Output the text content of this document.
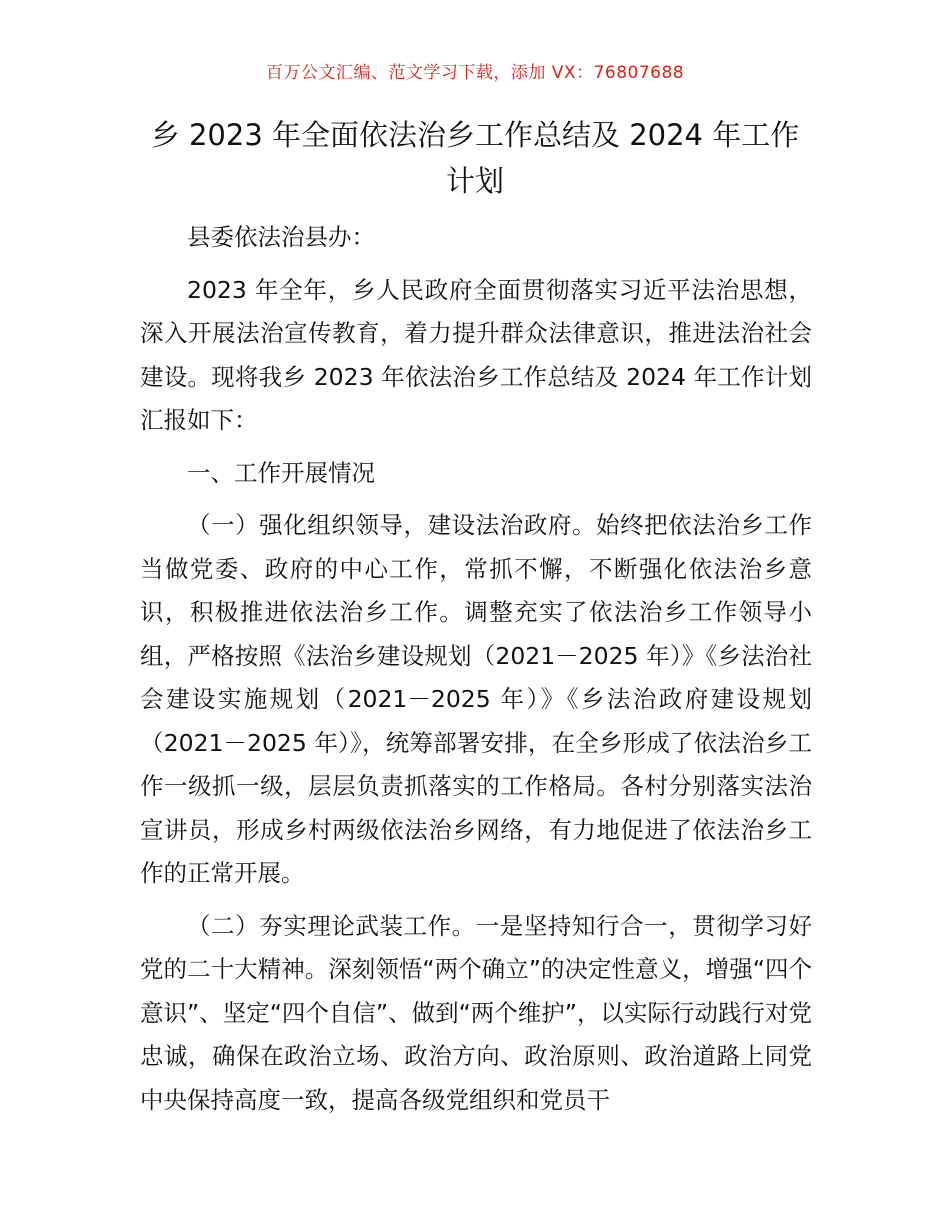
百万公文汇编、范文学习下载，添加 VX：76807688
乡 2023 年全面依法治乡工作总结及 2024 年工作计划

县委依法治县办：

2023 年全年，乡人民政府全面贯彻落实习近平法治思想，深入开展法治宣传教育，着力提升群众法律意识，推进法治社会建设。现将我乡 2023 年依法治乡工作总结及 2024 年工作计划汇报如下：

一、工作开展情况

（一）强化组织领导，建设法治政府。始终把依法治乡工作当做党委、政府的中心工作，常抓不懈，不断强化依法治乡意识，积极推进依法治乡工作。调整充实了依法治乡工作领导小组，严格按照《法治乡建设规划（2021－2025 年）》《乡法治社会建设实施规划（2021－2025 年）》《乡法治政府建设规划（2021－2025 年）》，统筹部署安排，在全乡形成了依法治乡工作一级抓一级，层层负责抓落实的工作格局。各村分别落实法治宣讲员，形成乡村两级依法治乡网络，有力地促进了依法治乡工作的正常开展。

（二）夯实理论武装工作。一是坚持知行合一，贯彻学习好党的二十大精神。深刻领悟“两个确立”的决定性意义，增强“四个意识”、坚定“四个自信”、做到“两个维护”，以实际行动践行对党忠诚，确保在政治立场、政治方向、政治原则、政治道路上同党中央保持高度一致，提高各级党组织和党员干
